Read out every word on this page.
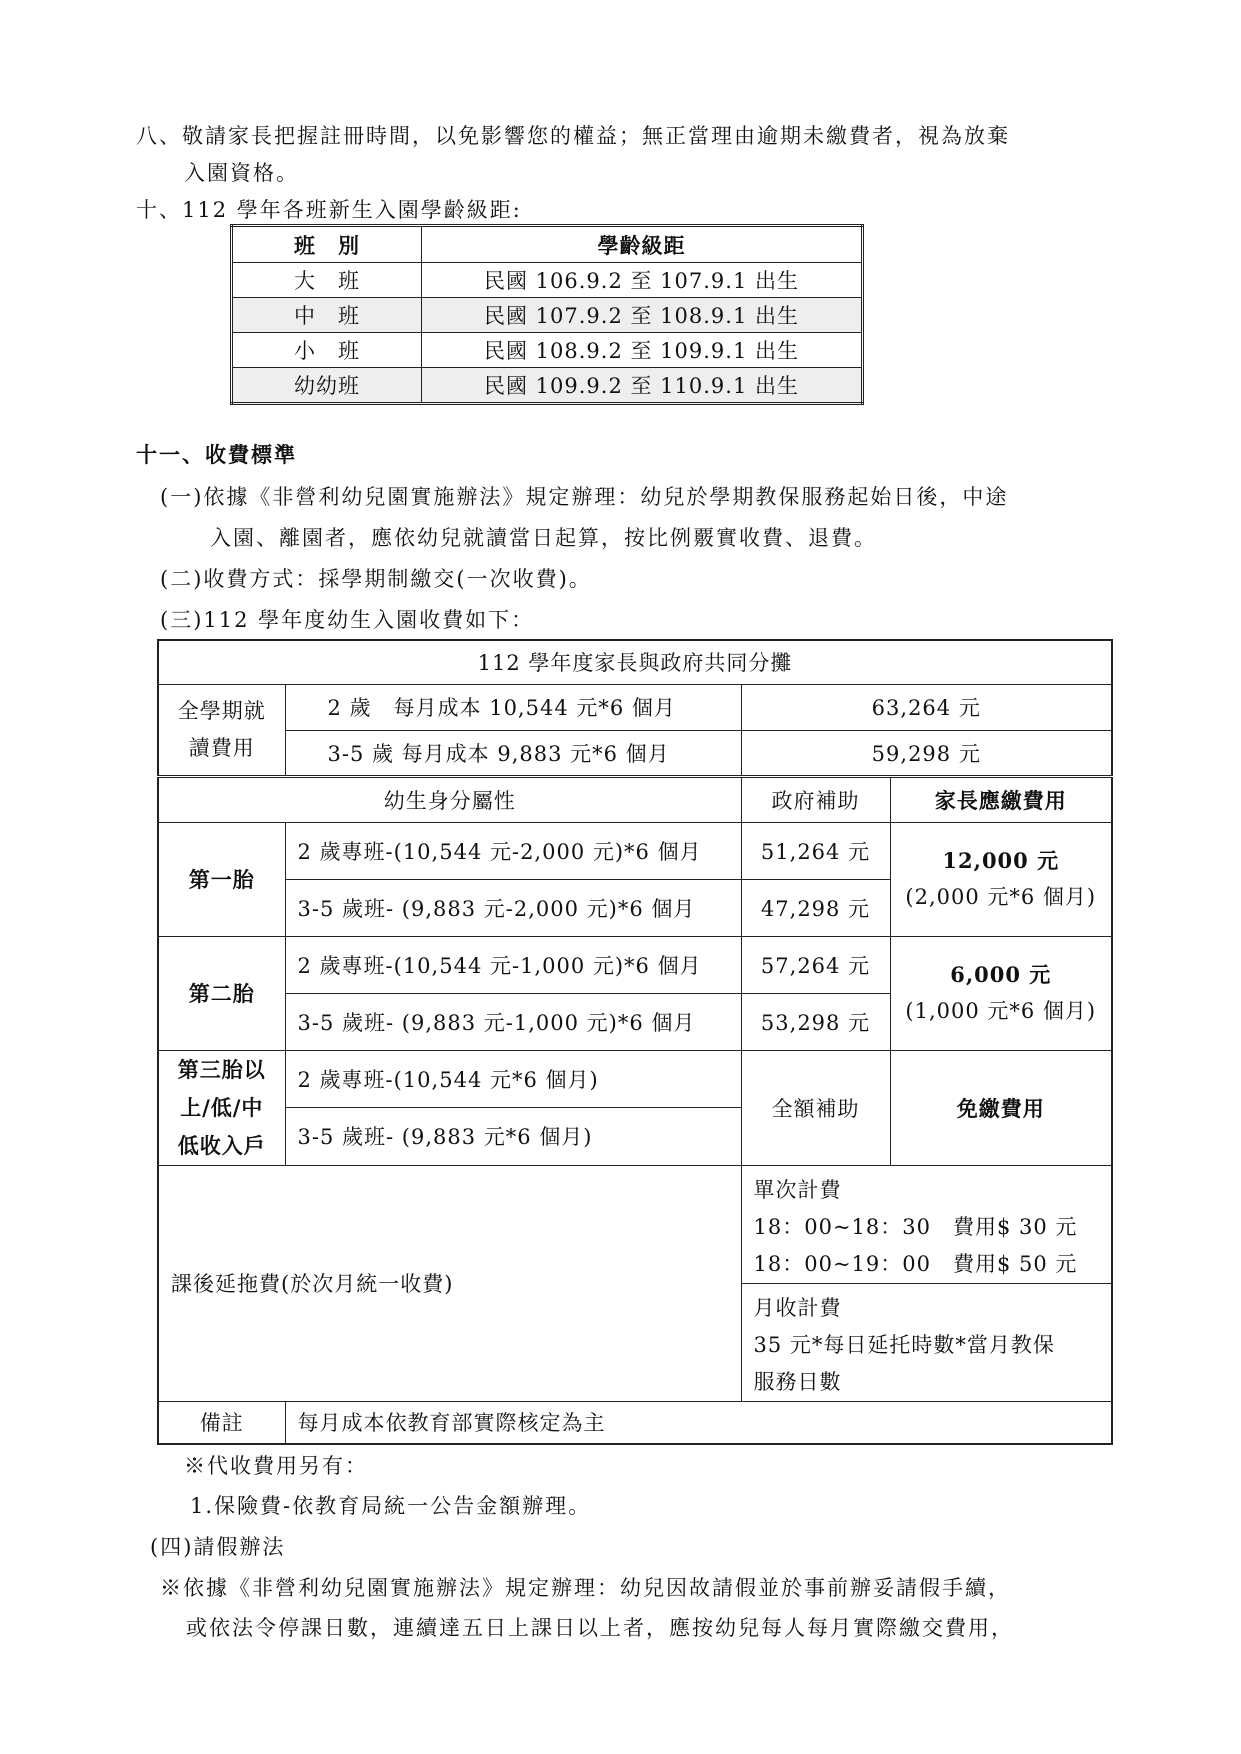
八、敬請家長把握註冊時間，以免影響您的權益；無正當理由逾期未繳費者，視為放棄
入園資格。
十、112 學年各班新生入園學齡級距:
班　別	學齡級距
大　班	民國 106.9.2 至 107.9.1 出生
中　班	民國 107.9.2 至 108.9.1 出生
小　班	民國 108.9.2 至 109.9.1 出生
幼幼班	民國 109.9.2 至 110.9.1 出生
十一、收費標準
(一)依據《非營利幼兒園實施辦法》規定辦理：幼兒於學期教保服務起始日後，中途
入園、離園者，應依幼兒就讀當日起算，按比例覈實收費、退費。
(二)收費方式：採學期制繳交(一次收費)。
(三)112 學年度幼生入園收費如下：
112 學年度家長與政府共同分攤			

全學期就
讀費用	2 歲　每月成本 10,544 元*6 個月	63,264 元	
	3-5 歲 每月成本 9,883 元*6 個月	59,298 元	
幼生身分屬性		政府補助	家長應繳費用
第一胎	2 歲專班-(10,544 元-2,000 元)*6 個月	51,264 元	12,000 元
(2,000 元*6 個月)

	3-5 歲班- (9,883 元-2,000 元)*6 個月	47,298 元	
第二胎	2 歲專班-(10,544 元-1,000 元)*6 個月	57,264 元	6,000 元
(1,000 元*6 個月)

	3-5 歲班- (9,883 元-1,000 元)*6 個月	53,298 元	

第三胎以
上/低/中
低收入戶	2 歲專班-(10,544 元*6 個月)	全額補助	免繳費用
	3-5 歲班- (9,883 元*6 個月)		
課後延拖費(於次月統一收費)		單次計費
18：00~18：30　費用$ 30 元
18：00~19：00　費用$ 50 元	

		月收計費
35 元*每日延托時數*當月教保
服務日數	

備註	每月成本依教育部實際核定為主		
※代收費用另有：
1.保險費-依教育局統一公告金額辦理。
(四)請假辦法
※依據《非營利幼兒園實施辦法》規定辦理：幼兒因故請假並於事前辦妥請假手續，
或依法令停課日數，連續達五日上課日以上者，應按幼兒每人每月實際繳交費用，
